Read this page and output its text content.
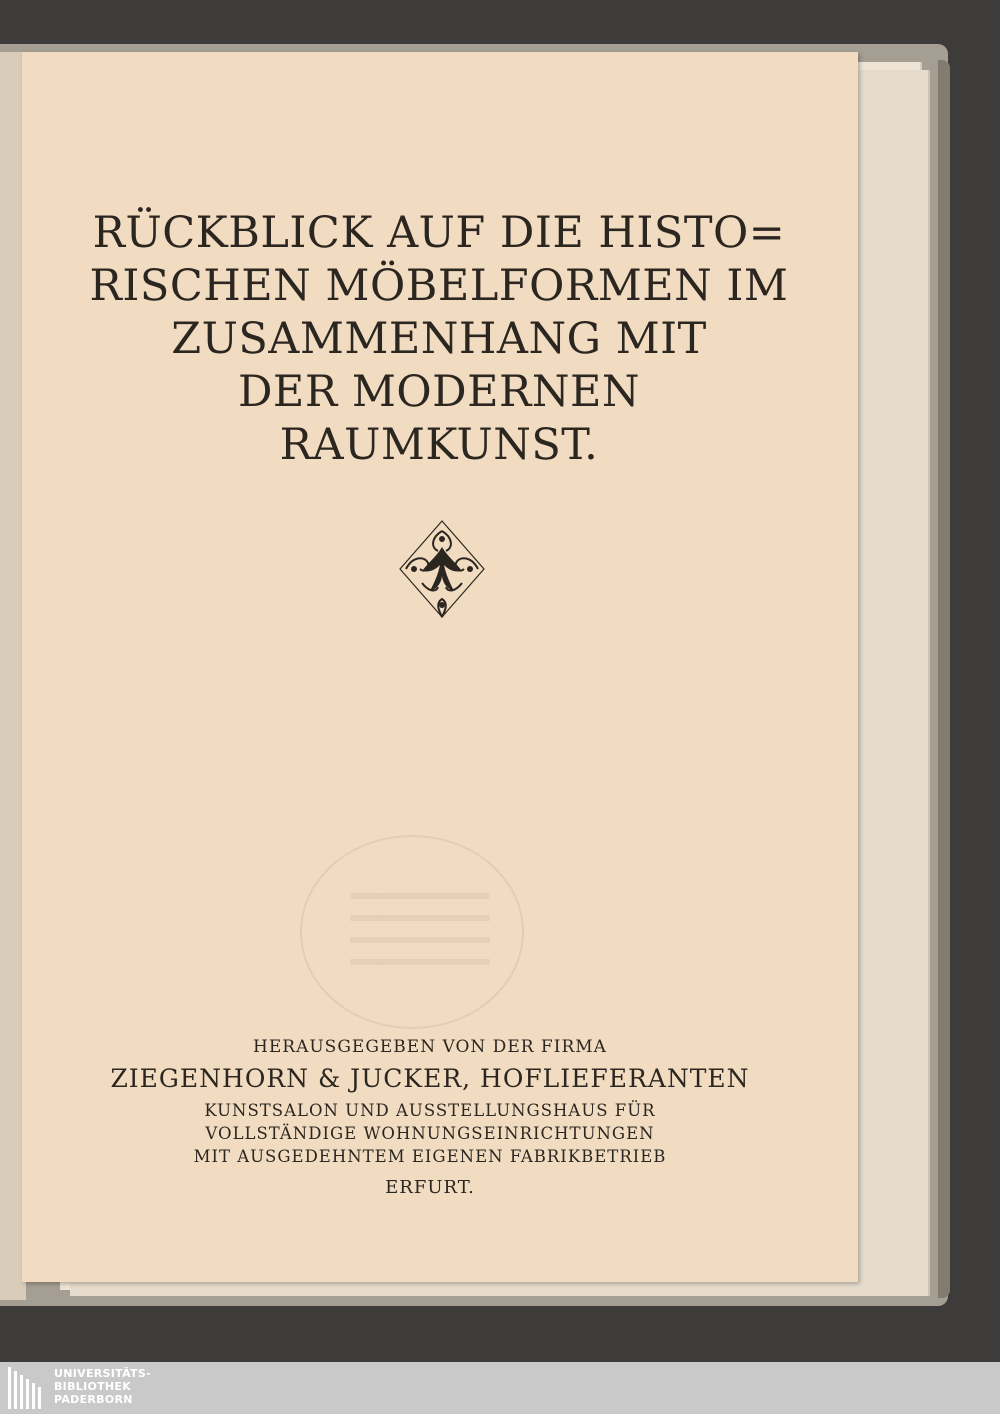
RÜCKBLICK AUF DIE HISTO=
RISCHEN MÖBELFORMEN IM
ZUSAMMENHANG MIT
DER MODERNEN
RAUMKUNST.
HERAUSGEGEBEN VON DER FIRMA
ZIEGENHORN & JUCKER, HOFLIEFERANTEN
KUNSTSALON UND AUSSTELLUNGSHAUS FÜR
VOLLSTÄNDIGE WOHNUNGSEINRICHTUNGEN
MIT AUSGEDEHNTEM EIGENEN FABRIKBETRIEB
ERFURT.
UNIVERSITÄTS-
BIBLIOTHEK
PADERBORN
